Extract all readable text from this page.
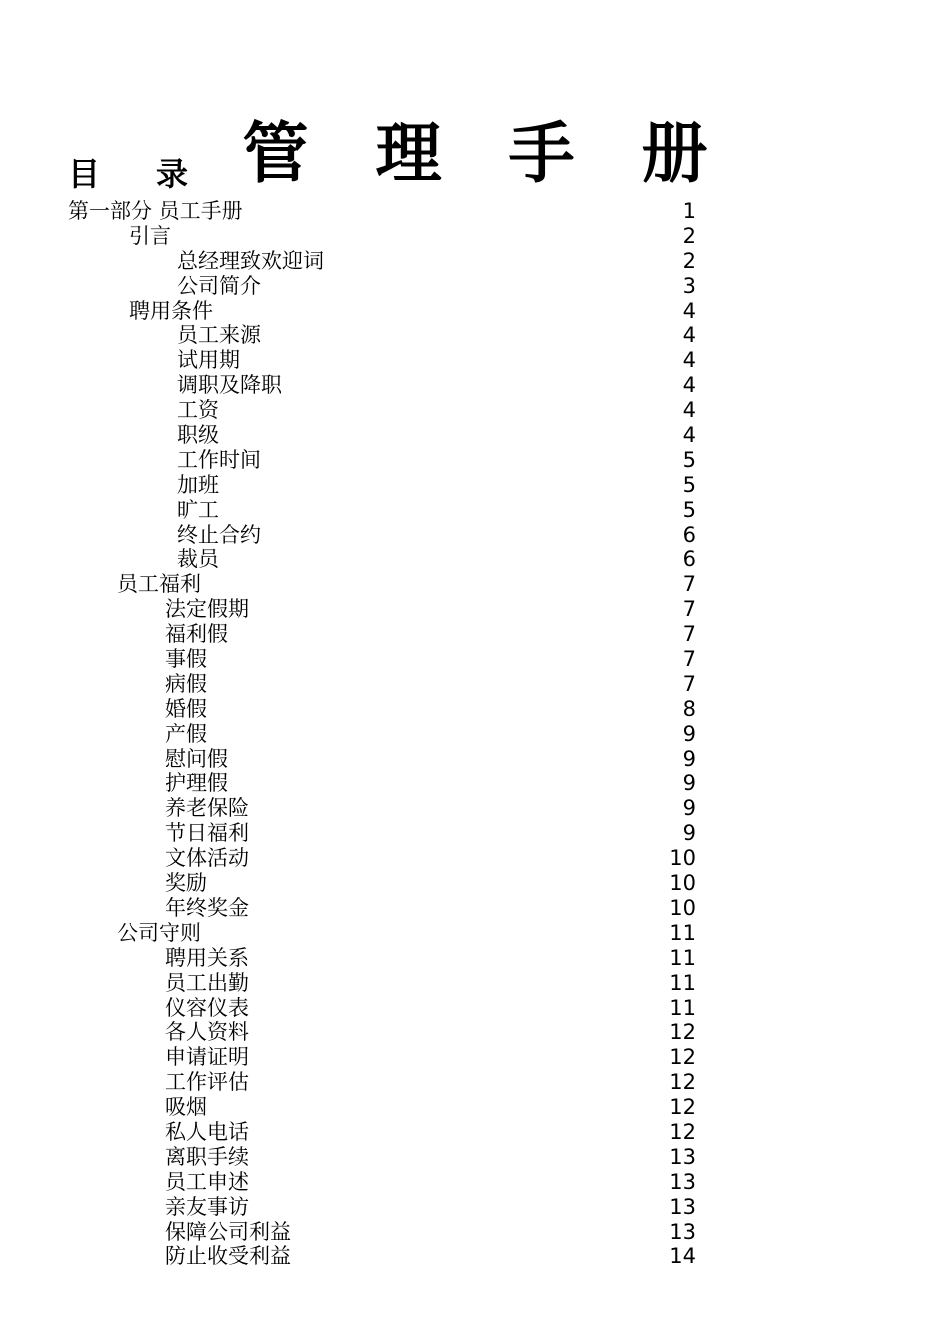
管 理 手 册
目 录
第一部分 员工手册	1
引言	2
总经理致欢迎词	2
公司简介	3
聘用条件	4
员工来源	4
试用期	4
调职及降职	4
工资	4
职级	4
工作时间	5
加班	5
旷工	5
终止合约	6
裁员	6
员工福利	7
法定假期	7
福利假	7
事假	7
病假	7
婚假	8
产假	9
慰问假	9
护理假	9
养老保险	9
节日福利	9
文体活动	10
奖励	10
年终奖金	10
公司守则	11
聘用关系	11
员工出勤	11
仪容仪表	11
各人资料	12
申请证明	12
工作评估	12
吸烟	12
私人电话	12
离职手续	13
员工申述	13
亲友事访	13
保障公司利益	13
防止收受利益	14
